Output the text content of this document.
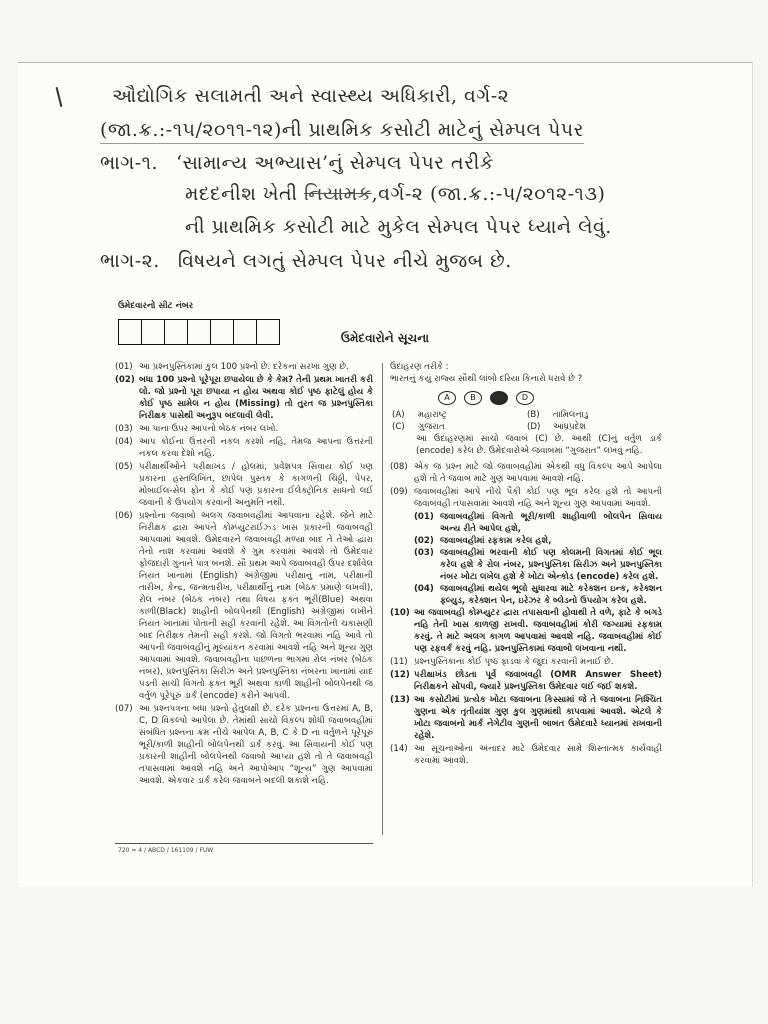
ઔદ્યોગિક સલામતી અને સ્વાસ્થ્ય અધિકારી, વર્ગ-૨
(જા.ક્ર.:-૧૫/૨૦૧૧-૧૨)ની પ્રાથમિક કસોટી માટેનું સેમ્પલ પેપર
ભાગ-૧. ‘સામાન્ય અભ્યાસ’નું સેમ્પલ પેપર તરીકે
મદદનીશ ખેતી નિયામક,વર્ગ-૨ (જા.ક્ર.:-૫/૨૦૧૨-૧૩)
ની પ્રાથમિક કસોટી માટે મુકેલ સેમ્પલ પેપર ધ્યાને લેવું.
ભાગ-૨. વિષયને લગતું સેમ્પલ પેપર નીચે મુજબ છે.
ઉમેદવારનો સીટ નંબર
ઉમેદવારોને સૂચના
(01) આ પ્રશ્નપુસ્તિકામાં કુલ 100 પ્રશ્નો છે. દરેકના સરખા ગુણ છે.
(02) બધા 100 પ્રશ્નો પૂરેપૂરા છપાયેલા છે કે કેમ? તેની પ્રથમ ખાતરી કરી લો. જો પ્રશ્નો પૂરા છપાયા ન હોય અથવા કોઈ પૃષ્ઠ ફાટેલું હોય કે કોઈ પૃષ્ઠ સામેલ ન હોય (Missing) તો તુરત જ પ્રશ્નપુસ્તિકા નિરીક્ષક પાસેથી અનુરૂપ બદલાવી લેવી.
(03) આ પાના ઉપર આપનો બેઠક નંબર લખો.
(04) આપ કોઈના ઉત્તરની નકલ કરશો નહિ, તેમજ આપના ઉત્તરની નકલ કરવા દેશો નહિ.
(05) પરીક્ષાર્થીઓને પરીક્ષાખંડ / હોલમાં, પ્રવેશપત્ર સિવાય કોઈ પણ પ્રકારના હસ્તલિખિત, છાપેલ પુસ્તક કે કાગળની ચિઠ્ઠી, પેપર, મોબાઈલ-સેલ ફોન કે કોઈ પણ પ્રકારના ઈલેક્ટ્રોનિક સાધનો લઈ જવાની કે ઉપયોગ કરવાની અનુમતિ નથી.
(06) પ્રશ્નોના જવાબો અલગ જવાબવહીમાં આપવાના રહેશે. જેને માટે નિરીક્ષક દ્વારા આપને કોમ્પ્યુટરાઈઝ્ડ ખાસ પ્રકારની જવાબવહી આપવામાં આવશે. ઉમેદવારને જવાબવહી મળ્યા બાદ તે તેઓ દ્વારા તેનો નાશ કરવામાં આવશે કે ગુમ કરવામાં આવશે તો ઉમેદવાર ફોજદારી ગુનાને પાત્ર બનશે. સૌ પ્રથમ આપે જવાબવહી ઉપર દર્શાવેલ નિયત ખાનામાં (English) અંગ્રેજીમાં પરીક્ષાનું નામ, પરીક્ષાની તારીખ, કેન્દ્ર, જન્મતારીખ, પરીક્ષાર્થીનું નામ (બેઠક પ્રમાણે લખવી), રોલ નંબર (બેઠક નંબર) તથા વિષય ફક્ત ભૂરી(Blue) અથવા કાળી(Black) શાહીની બોલપેનથી (English) અંગ્રેજીમાં લખીને નિયત ખાનામાં પોતાની સહી કરવાની રહેશે. આ વિગતોની ચકાસણી બાદ નિરીક્ષક તેમની સહી કરશે. જો વિગતો ભરવામાં નહિ આવે તો આપની જવાબવહીનું મૂલ્યાંકન કરવામાં આવશે નહિ અને શૂન્ય ગુણ આપવામાં આવશે. જવાબવહીના પાછળના ભાગમાં રોલ નંબર (બેઠક નંબર), પ્રશ્નપુસ્તિકા સિરીઝ અને પ્રશ્નપુસ્તિકા નંબરના ખાનામાં યાદ પડતી સાચી વિગતો ફક્ત ભૂરી અથવા કાળી શાહીની બોલપેનથી જ વર્તુળ પૂરેપૂરું ડાર્ક (encode) કરીને આપવી.
(07) આ પ્રશ્નપત્રના બધા પ્રશ્નો હેતુલક્ષી છે. દરેક પ્રશ્નના ઉત્તરમાં A, B, C, D વિકલ્પો આપેલા છે. તેમાંથી સાચો વિકલ્પ શોધી જવાબવહીમાં સંબંધિત પ્રશ્નના ક્રમ નીચે આપેલ A, B, C કે D ના વર્તુળને પૂરેપૂરું ભૂરી/કાળી શાહીની બોલપેનથી ડાર્ક કરવું. આ સિવાયની કોઈ પણ પ્રકારની શાહીની બોલપેનથી જવાબો આપ્યા હશે તો તે જવાબવહી તપાસવામાં આવશે નહિ અને આપોઆપ “શૂન્ય” ગુણ આપવામાં આવશે. એકવાર ડાર્ક કરેલ જવાબને બદલી શકાશે નહિ.
ઉદાહરણ તરીકે :
ભારતનું કયું રાજ્ય સૌથી લાંબો દરિયા કિનારો ધરાવે છે ?
A	B	D
(A)	મહારાષ્ટ્ર	(B)	તામિલનાડુ
(C)	ગુજરાત	(D)	આંધ્રપ્રદેશ
આ ઉદાહરણમાં સાચો જવાબ (C) છે. આથી (C)નું વર્તુળ ડાર્ક (encode) કરેલ છે. ઉમેદવારોએ જવાબમાં “ગુજરાત” લખવું નહિ.
(08) એક જ પ્રશ્ન માટે જો જવાબવહીમાં એકથી વધુ વિકલ્પ આપે આપેલા હશે તો તે જવાબ માટે ગુણ આપવામાં આવશે નહિ.
(09) જવાબવહીમાં આપે નીચે પૈકી કોઈ પણ ભૂલ કરેલ હશે તો આપની જવાબવહી તપાસવામાં આવશે નહિ અને શૂન્ય ગુણ આપવામાં આવશે.
(01) જવાબવહીમાં વિગતો ભૂરી/કાળી શાહીવાળી બોલપેન સિવાય અન્ય રીતે આપેલ હશે,
(02) જવાબવહીમાં રફકામ કરેલ હશે,
(03) જવાબવહીમાં ભરવાની કોઈ પણ કોલમની વિગતમાં કોઈ ભૂલ કરેલ હશે કે રોલ નંબર, પ્રશ્નપુસ્તિકા સિરીઝ અને પ્રશ્નપુસ્તિકા નંબર ખોટા લખેલ હશે કે ખોટા એન્કોડ (encode) કરેલ હશે.
(04) જવાબવહીમાં થયેલ ભૂલો સુધારવા માટે કરેક્શન ઇન્ક, કરેક્શન ફ્લ્યુડ, કરેક્શન પેન, ઇરેઝર કે બ્લેડનો ઉપયોગ કરેલ હશે.
(10) આ જવાબવહી કોમ્પ્યુટર દ્વારા તપાસવાની હોવાથી તે વળે, ફાટે કે બગડે નહિ તેની ખાસ કાળજી રાખવી. જવાબવહીમાં કોરી જગ્યામાં રફકામ કરવું. તે માટે અલગ કાગળ આપવામાં આવશે નહિ. જવાબવહીમાં કોઈ પણ રફવર્ક કરવું નહિ. પ્રશ્નપુસ્તિકામાં જવાબો લખવાના નથી.
(11) પ્રશ્નપુસ્તિકાના કોઈ પૃષ્ઠ ફાડવાં કે જુદાં કરવાની મનાઈ છે.
(12) પરીક્ષાખંડ છોડતા પૂર્વે જવાબવહી (OMR Answer Sheet) નિરીક્ષકને સોંપવી, જ્યારે પ્રશ્નપુસ્તિકા ઉમેદવાર લઈ જઈ શકશે.
(13) આ કસોટીમાં પ્રત્યેક ખોટા જવાબના કિસ્સામાં જે તે જવાબના નિશ્ચિત ગુણના એક તૃતીયાંશ ગુણ કુલ ગુણમાંથી કાપવામાં આવશે. એટલે કે ખોટા જવાબનો માર્ક નેગેટીવ ગુણની બાબત ઉમેદવારે ધ્યાનમાં રાખવાની રહેશે.
(14) આ સૂચનાઓના અનાદર માટે ઉમેદવાર સામે શિસ્તાત્મક કાર્યવાહી કરવામાં આવશે.
720 = 4 / ABCD / 161109 / FUW
